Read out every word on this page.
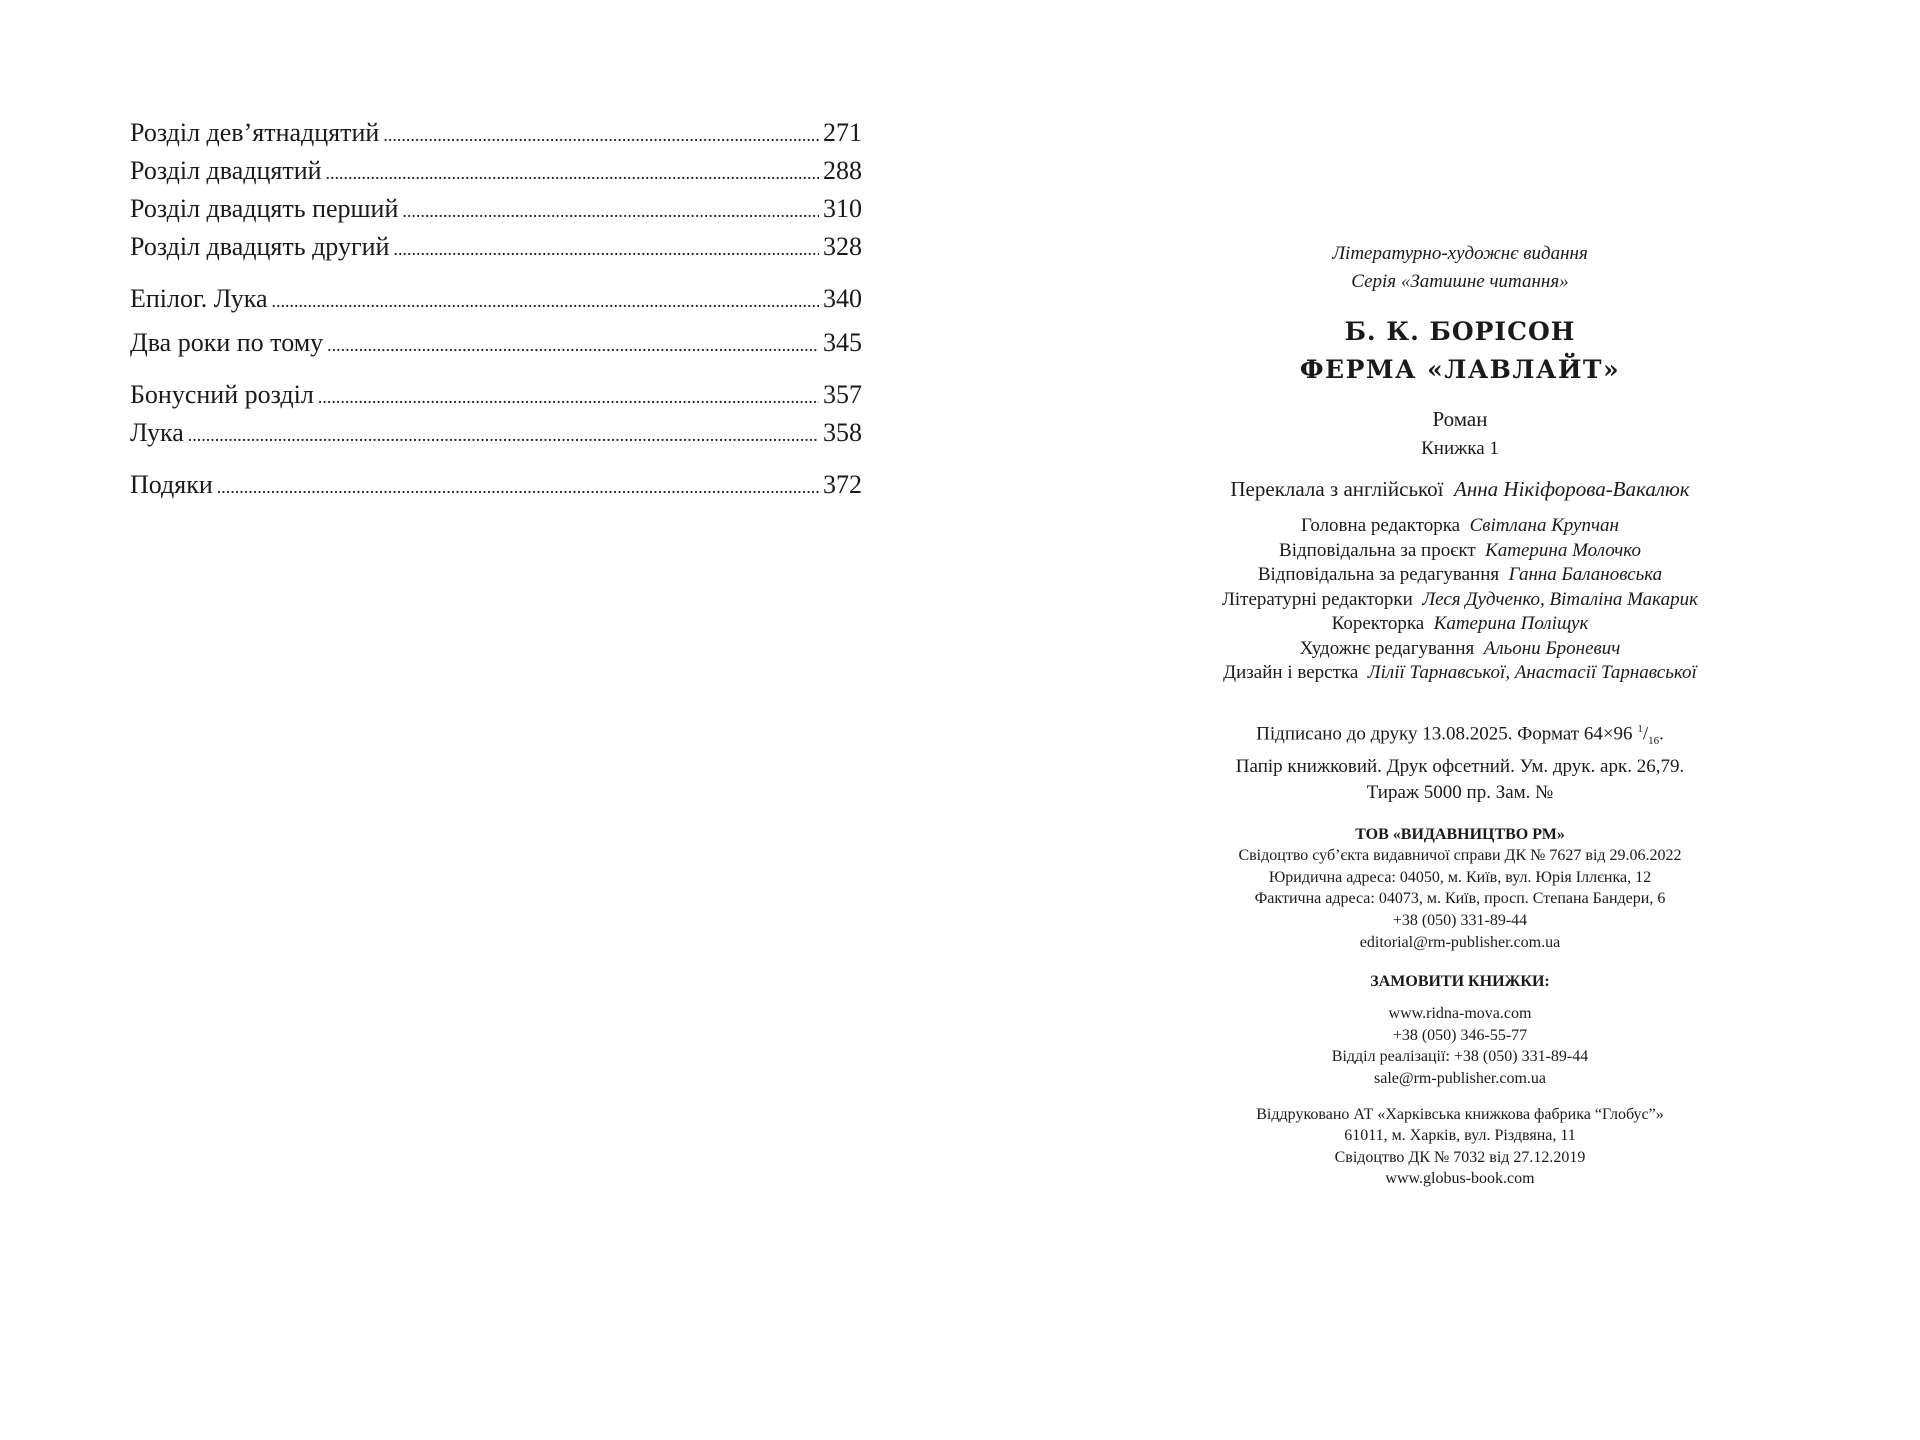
Розділ дев’ятнадцятий .....	271
Розділ двадцятий .....	288
Розділ двадцять перший .....	310
Розділ двадцять другий .....	328
Епілог. Лука .....	340
Два роки по тому .....	345
Бонусний розділ .....	357
Лука .....	358
Подяки .....	372
Літературно-художнє видання
Серія «Затишне читання»
Б. К. БОРІСОН
ФЕРМА «ЛАВЛАЙТ»
Роман
Книжка 1
Переклала з англійської Анна Нікіфорова-Вакалюк
Головна редакторка Світлана Крупчан
Відповідальна за проєкт Катерина Молочко
Відповідальна за редагування Ганна Балановська
Літературні редакторки Леся Дудченко, Віталіна Макарик
Коректорка Катерина Поліщук
Художнє редагування Альони Броневич
Дизайн і верстка Лілії Тарнавської, Анастасії Тарнавської
Підписано до друку 13.08.2025. Формат 64×96 $^1/_{16}$.
Папір книжковий. Друк офсетний. Ум. друк. арк. 26,79.
Тираж 5000 пр. Зам. №
ТОВ «ВИДАВНИЦТВО РМ»
Свідоцтво суб’єкта видавничої справи ДК № 7627 від 29.06.2022
Юридична адреса: 04050, м. Київ, вул. Юрія Іллєнка, 12
Фактична адреса: 04073, м. Київ, просп. Степана Бандери, 6
+38 (050) 331-89-44
editorial@rm-publisher.com.ua
ЗАМОВИТИ КНИЖКИ:
www.ridna-mova.com
+38 (050) 346-55-77
Відділ реалізації: +38 (050) 331-89-44
sale@rm-publisher.com.ua
Віддруковано АТ «Харківська книжкова фабрика “Глобус”»
61011, м. Харків, вул. Різдвяна, 11
Свідоцтво ДК № 7032 від 27.12.2019
www.globus-book.com
